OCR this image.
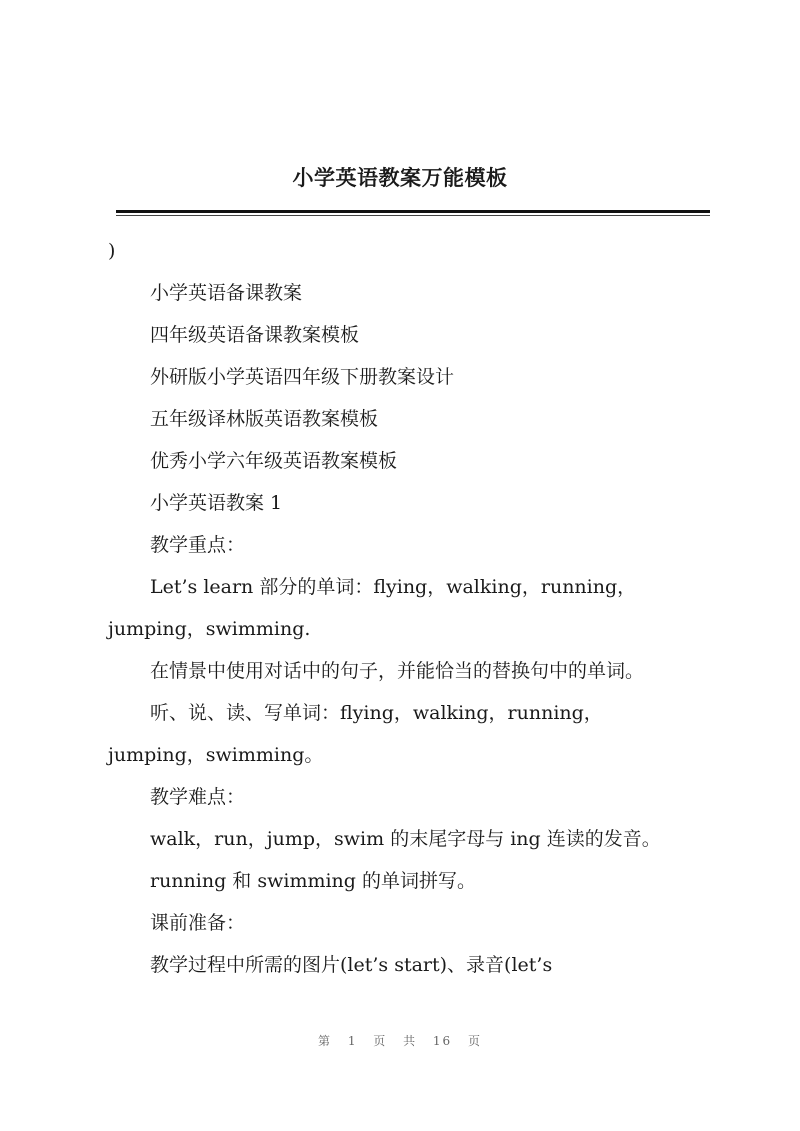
小学英语教案万能模板
)
小学英语备课教案
四年级英语备课教案模板
外研版小学英语四年级下册教案设计
五年级译林版英语教案模板
优秀小学六年级英语教案模板
小学英语教案 1
教学重点：
Let’s learn 部分的单词：flying，walking，running，
jumping，swimming.
在情景中使用对话中的句子，并能恰当的替换句中的单词。
听、说、读、写单词：flying，walking，running，
jumping，swimming。
教学难点：
walk，run，jump，swim 的末尾字母与 ing 连读的发音。
running 和 swimming 的单词拼写。
课前准备：
教学过程中所需的图片(let’s start)、录音(let’s
第 1 页 共 16 页
